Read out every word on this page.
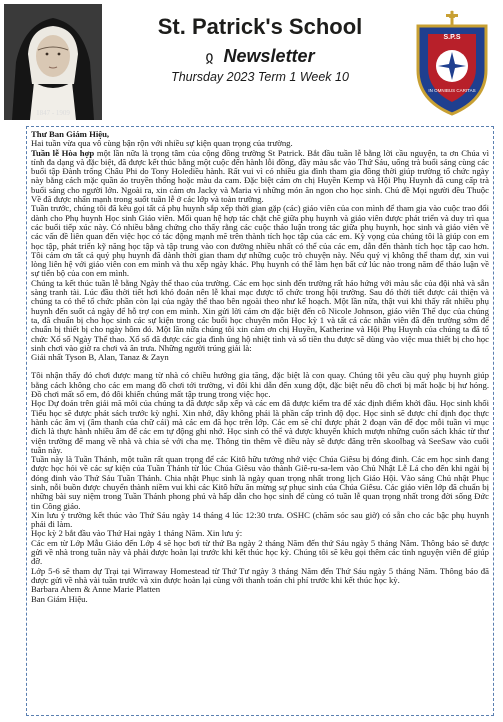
1847 - 1909
St. Patrick's School
ჲ Newsletter
Thursday 2023 Term 1 Week 10
S.P.S
IN OMNIBUS CARITAS

Thư Ban Giám Hiệu,

Hai tuần vừa qua vô cùng bận rộn với nhiều sự kiện quan trọng của trường.

Tuần lễ Hòa hợp một lần nữa là trọng tâm của cộng đồng trường St Patrick. Bắt đầu tuần lễ bằng lời cầu nguyện, ta ơn Chúa vì tính đa dạng và đặc biệt, đã được kết thúc bằng một cuộc đến hành lỗi đồng, đầy màu sắc vào Thứ Sáu, uống trà buổi sáng cùng các buổi tập Đành trống Châu Phi do Tony Holediều hành. Rất vui vì có nhiều gia đình tham gia đồng thời giúp trường tổ chức ngày này bằng cách mặc quần áo truyền thống hoặc màu da cam. Đặc biệt cảm ơn chị Huyền Kemp và Hội Phụ Huynh đã cung cấp trà buổi sáng cho người lớn. Ngoài ra, xin cảm ơn Jacky và Maria vì những món ăn ngon cho học sinh. Chủ đề Mọi người đều Thuộc Về đã được nhấn mạnh trong suốt tuần lễ ở các lớp và toàn trường.

Tuần trước, chúng tôi đã kêu gọi tất cả phụ huynh sắp xếp thời gian gặp (các) giáo viên của con mình để tham gia vào cuộc trao đổi dành cho Phụ huynh Học sinh Giáo viên. Mối quan hệ hợp tác chặt chẽ giữa phụ huynh và giáo viên được phát triển và duy trì qua các buổi tiếp xúc này. Có nhiều bằng chứng cho thấy rằng các cuộc thảo luận trong tác giữa phụ huynh, học sinh và giáo viên về các vấn đề liên quan đến việc học có tác động mạnh mẽ trên thành tích học tập của các em. Kỳ vọng của chúng tôi là giúp con em học tập, phát triển kỹ năng học tập và tập trung vào con đường nhiều nhất có thể của các em, dẫn đến thành tích học tập cao hơn. Tôi cảm ơn tất cả quý phụ huynh đã dành thời gian tham dự những cuộc trò chuyện này. Nếu quý vị không thể tham dự, xin vui lòng liên hệ với giáo viên con em mình và thu xếp ngày khác. Phụ huynh có thể làm hẹn bất cứ lúc nào trong năm để thảo luận về sự tiến bộ của con em mình.

Chúng ta kết thúc tuần lễ bằng Ngày thể thao của trường. Các em học sinh đến trường rất háo hứng với màu sắc của đội nhà và sẵn sàng tranh tài. Lúc đầu thời tiết hơi khó đoán nên lễ khai mạc được tổ chức trong hội trường. Sau đó thời tiết được cải thiện và chúng ta có thể tổ chức phần còn lại của ngày thể thao bên ngoài theo như kế hoạch. Một lần nữa, thật vui khi thấy rất nhiều phụ huynh đến suốt cả ngày để hỗ trợ con em mình. Xin gửi lời cảm ơn đặc biệt đến cô Nicole Johnson, giáo viên Thể dục của chúng ta, đã chuẩn bị cho học sinh các sự kiện trong các buổi học chuyên môn Học kỳ 1 và tất cả các nhân viên đã đến trường sớm để chuẩn bị thiết bị cho ngày hôm đó. Một lần nữa chúng tôi xin cảm ơn chị Huyền, Katherine và Hội Phụ Huynh của chúng ta đã tổ chức Xổ số Ngày Thể thao. Xổ số đã được các gia đình ủng hộ nhiệt tình và số tiền thu được sẽ dùng vào việc mua thiết bị cho học sinh chơi vào giờ ra chơi và ăn trưa. Những người trúng giải là:

Giải nhất Tyson B, Alan, Tanaz & Zayn

Tôi nhận thấy đó chơi được mang từ nhà có chiều hướng gia tăng, đặc biệt là con quay. Chúng tôi yêu cầu quý phụ huynh giúp bằng cách không cho các em mang đồ chơi tới trường, vì đôi khi dẫn đến xung đột, đặc biệt nếu đồ chơi bị mất hoặc bị hư hỏng. Đồ chơi mất sổ em, đó đôi khiến chúng mất tập trung trong việc học.

Học Dự đoán trên giải mã môi của chúng ta đã được sắp xếp và các em đã được kiểm tra để xác định điểm khởi đầu. Học sinh khối Tiểu học sẽ được phát sách trước kỳ nghỉ. Xin nhớ, đây không phải là phần cấp trình độ đọc. Học sinh sẽ được chỉ định đọc thực hành các âm vị (âm thanh của chữ cái) mà các em đã học trên lớp. Các em sẽ chỉ được phát 2 đoạn văn để đọc mỗi tuần vì mục đích là thực hành nhiều âm để các em tự động ghi nhớ. Học sinh có thể và được khuyến khích mượn những cuốn sách khác từ thư viện trường để mang về nhà và chia sẻ với cha mẹ. Thông tin thêm về điều này sẽ được đăng trên skoolbag và SeeSaw vào cuối tuần này.

Tuần này là Tuần Thánh, một tuần rất quan trọng để các Kitô hữu tưởng nhớ việc Chúa Giêsu bị đóng đinh. Các em học sinh đang được học hỏi về các sự kiện của Tuần Thánh từ lúc Chúa Giêsu vào thành Giê-ru-sa-lem vào Chủ Nhật Lễ Lá cho đến khi ngài bị đóng đinh vào Thứ Sáu Tuần Thánh. Chia nhật Phục sinh là ngày quan trọng nhất trong lịch Giáo Hội. Vào sáng Chủ nhật Phục sinh, nỗi buồn được chuyển thành niềm vui khi các Kitô hữu ăn mừng sự phục sinh của Chúa Giêsu. Các giáo viên lớp đã chuẩn bị những bài suy niệm trong Tuần Thánh phong phú và hấp dẫn cho học sinh để cùng có tuần lễ quan trọng nhất trong đời sống Đức tin Công giáo.

Xin lưu ý trường kết thúc vào Thứ Sáu ngày 14 tháng 4 lúc 12:30 trưa. OSHC (chăm sóc sau giờ) có sẵn cho các bậc phụ huynh phải đi làm.

Học kỳ 2 bắt đầu vào Thứ Hai ngày 1 tháng Năm. Xin lưu ý:

Các em từ Lớp Mẫu Giáo đến Lớp 4 sẽ học bơi từ thứ Ba ngày 2 tháng Năm đến thứ Sáu ngày 5 tháng Năm. Thông báo sẽ được gửi về nhà trong tuần này và phải được hoàn lại trước khi kết thúc học kỳ. Chúng tôi sẽ kêu gọi thêm các tình nguyện viên để giúp đỡ.

Lớp 5-6 sẽ tham dự Trại tại Wirraway Homestead từ Thứ Tư ngày 3 tháng Năm đến Thứ Sáu ngày 5 tháng Năm. Thông báo đã được gửi về nhà vài tuần trước và xin được hoàn lại cùng với thanh toán chi phí trước khi kết thúc học kỳ.

Barbara Ahem & Anne Marie Platten

Ban Giám Hiệu.
